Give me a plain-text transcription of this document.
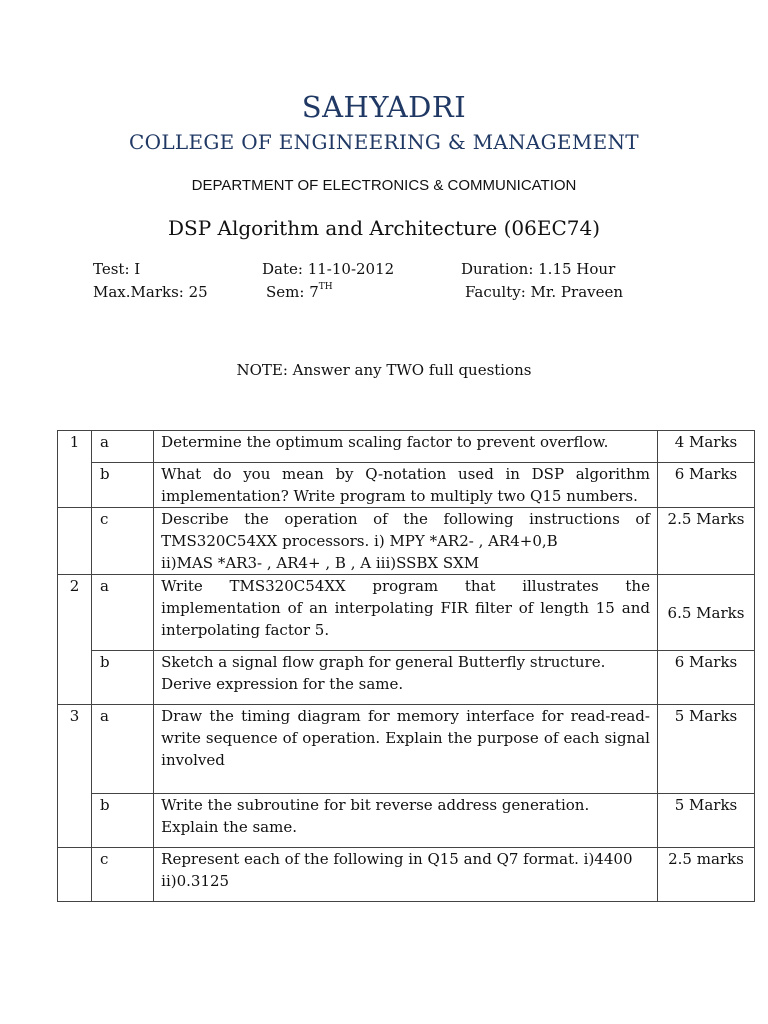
SAHYADRI
COLLEGE OF ENGINEERING & MANAGEMENT
DEPARTMENT OF ELECTRONICS & COMMUNICATION
DSP Algorithm and Architecture (06EC74)
Test: I	Date: 11-10-2012	Duration: 1.15 Hour
Max.Marks: 25	Sem: 7TH	Faculty: Mr. Praveen
NOTE: Answer any TWO full questions
1	a	Determine the optimum scaling factor to prevent overflow.	4 Marks
	b	What do you mean by Q-notation used in DSP algorithm implementation? Write program to multiply two Q15 numbers.	6 Marks
	c	Describe the operation of the following instructions of TMS320C54XX processors. i) MPY *AR2- , AR4+0,B
ii)MAS *AR3- , AR4+ , B , A iii)SSBX SXM	2.5 Marks
2	a	Write TMS320C54XX program that illustrates the implementation of an interpolating FIR filter of length 15 and interpolating factor 5.	6.5 Marks
	b	Sketch a signal flow graph for general Butterfly structure. Derive expression for the same.	6 Marks
3	a	Draw the timing diagram for memory interface for read-read-write sequence of operation. Explain the purpose of each signal involved	5 Marks
	b	Write the subroutine for bit reverse address generation. Explain the same.	5 Marks
	c	Represent each of the following in Q15 and Q7 format. i)4400
ii)0.3125	2.5 marks
